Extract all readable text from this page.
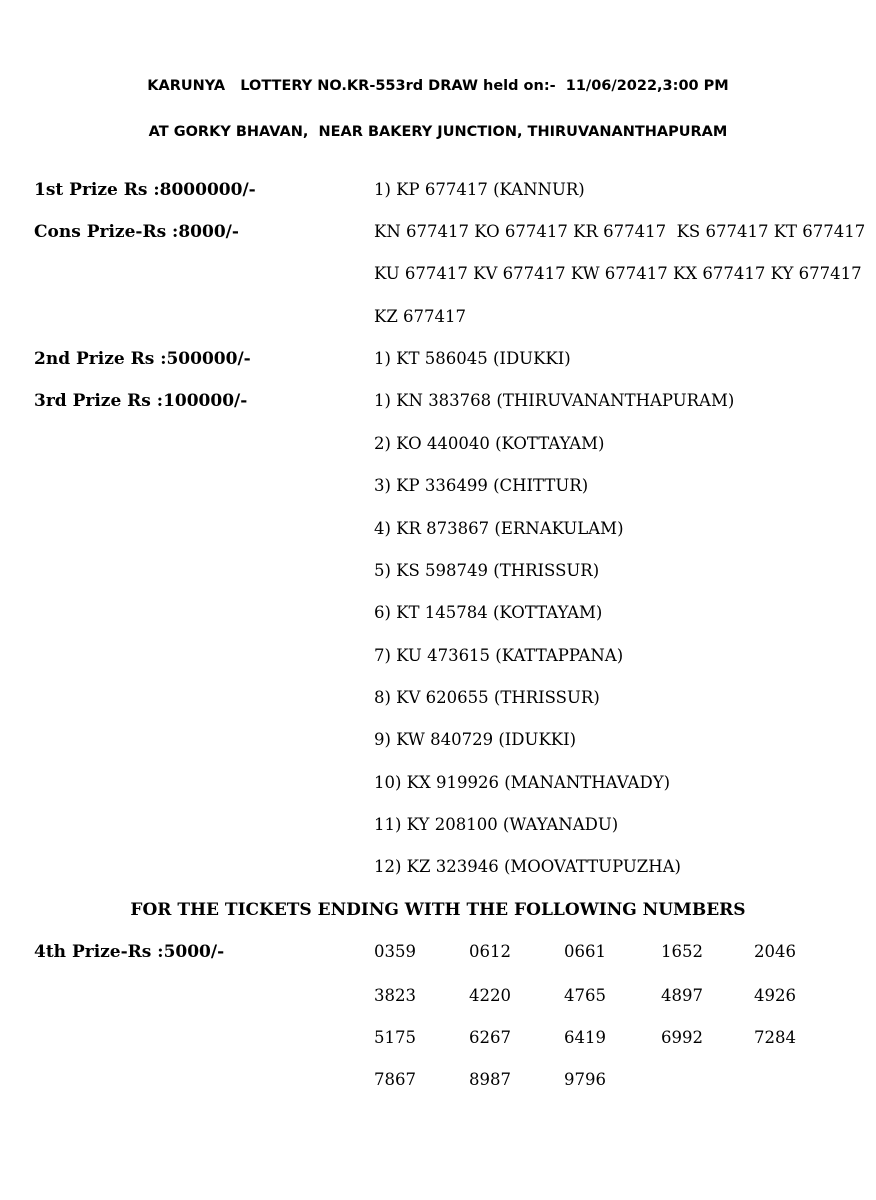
KARUNYA   LOTTERY NO.KR-553rd DRAW held on:-  11/06/2022,3:00 PM
AT GORKY BHAVAN,  NEAR BAKERY JUNCTION, THIRUVANANTHAPURAM
1st Prize Rs :8000000/-	1) KP 677417 (KANNUR)
Cons Prize-Rs :8000/-	KN 677417 KO 677417 KR 677417  KS 677417 KT 677417
KU 677417 KV 677417 KW 677417 KX 677417 KY 677417
KZ 677417
2nd Prize Rs :500000/-	1) KT 586045 (IDUKKI)
3rd Prize Rs :100000/-	1) KN 383768 (THIRUVANANTHAPURAM)
2) KO 440040 (KOTTAYAM)
3) KP 336499 (CHITTUR)
4) KR 873867 (ERNAKULAM)
5) KS 598749 (THRISSUR)
6) KT 145784 (KOTTAYAM)
7) KU 473615 (KATTAPPANA)
8) KV 620655 (THRISSUR)
9) KW 840729 (IDUKKI)
10) KX 919926 (MANANTHAVADY)
11) KY 208100 (WAYANADU)
12) KZ 323946 (MOOVATTUPUZHA)
FOR THE TICKETS ENDING WITH THE FOLLOWING NUMBERS
4th Prize-Rs :5000/-	0359	0612	0661	1652	2046
3823	4220	4765	4897	4926
5175	6267	6419	6992	7284
7867	8987	9796
